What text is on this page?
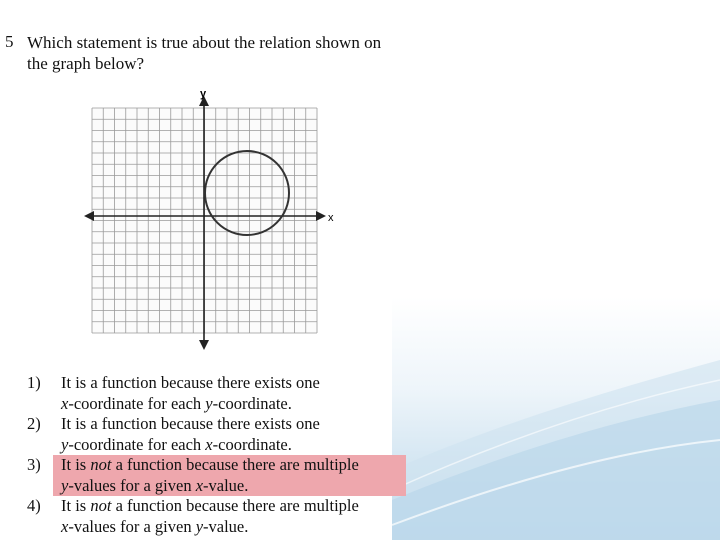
5 Which statement is true about the relation shown on the graph below?
x
y
1)	It is a function because there exists one
x-coordinate for each y-coordinate.
2)	It is a function because there exists one
y-coordinate for each x-coordinate.
3)	It is not a function because there are multiple
y-values for a given x-value.
4)	It is not a function because there are multiple
x-values for a given y-value.
